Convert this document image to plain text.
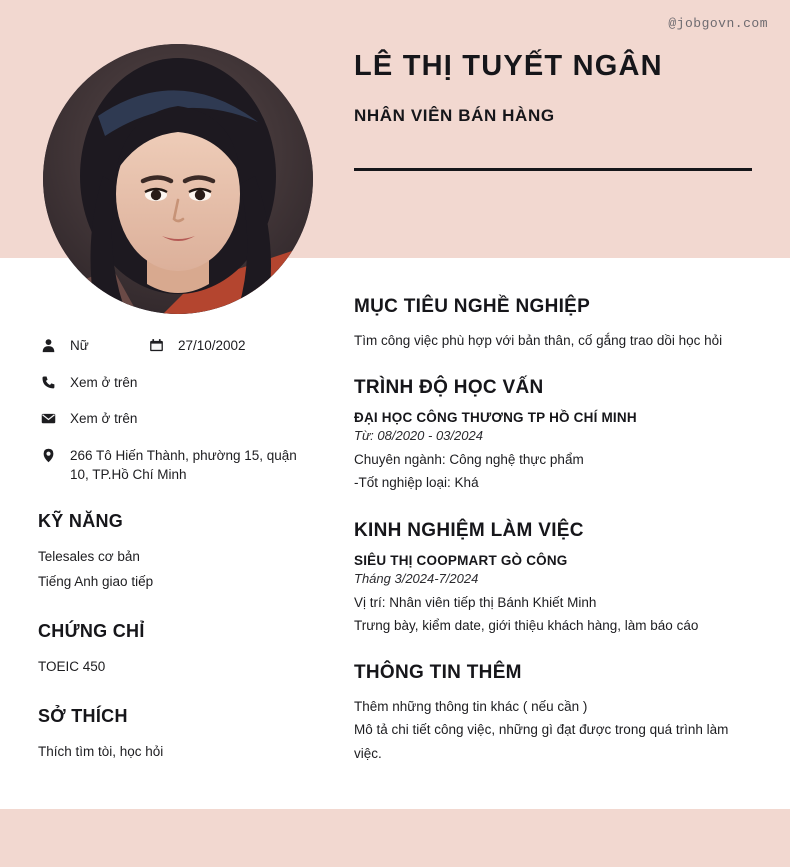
LÊ THỊ TUYẾT NGÂN
NHÂN VIÊN BÁN HÀNG
Nữ	27/10/2002
Xem ở trên
Xem ở trên
266 Tô Hiến Thành, phường 15, quận 10, TP.Hồ Chí Minh
KỸ NĂNG
Telesales cơ bản
Tiếng Anh giao tiếp
CHỨNG CHỈ
TOEIC 450
SỞ THÍCH
Thích tìm tòi, học hỏi
MỤC TIÊU NGHỀ NGHIỆP
Tìm công việc phù hợp với bản thân, cố gắng trao dồi học hỏi
TRÌNH ĐỘ HỌC VẤN
ĐẠI HỌC CÔNG THƯƠNG TP HỒ CHÍ MINH
Từ: 08/2020 - 03/2024
Chuyên ngành: Công nghệ thực phẩm
-Tốt nghiệp loại: Khá
KINH NGHIỆM LÀM VIỆC
SIÊU THỊ COOPMART GÒ CÔNG
Tháng 3/2024-7/2024
Vị trí: Nhân viên tiếp thị Bánh Khiết Minh
Trưng bày, kiểm date, giới thiệu khách hàng, làm báo cáo
THÔNG TIN THÊM
Thêm những thông tin khác ( nếu cần )
Mô tả chi tiết công việc, những gì đạt được trong quá trình làm việc.
@jobgovn.com
